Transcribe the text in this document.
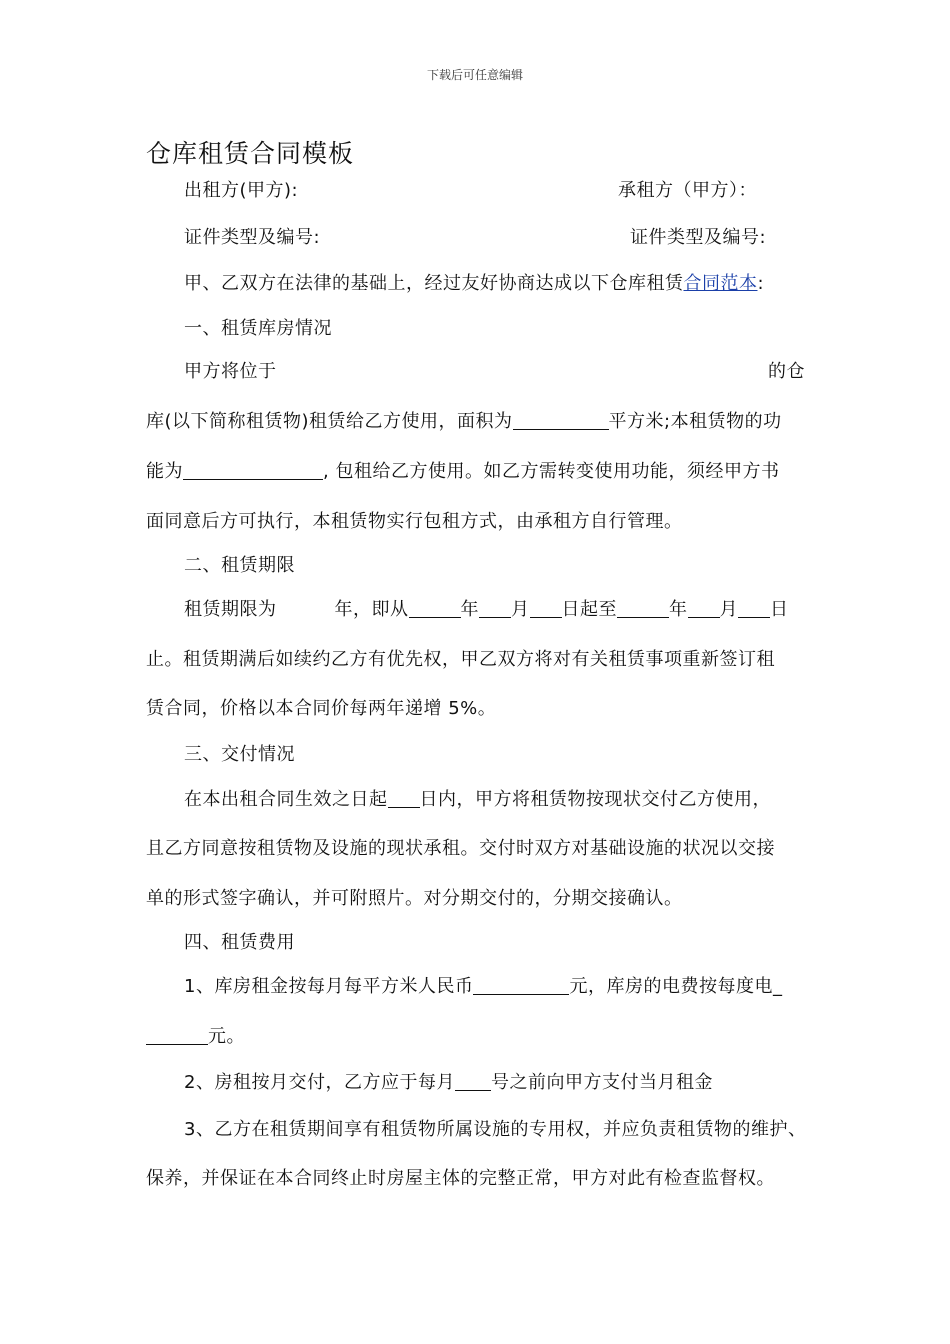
下载后可任意编辑
仓库租赁合同模板
出租方(甲方):	承租方（甲方）：
证件类型及编号:	证件类型及编号:
甲、乙双方在法律的基础上，经过友好协商达成以下仓库租赁合同范本:
一、租赁库房情况
甲方将位于	的仓
库(以下简称租赁物)租赁给乙方使用，面积为	平方米;本租赁物的功
能为	, 包租给乙方使用。如乙方需转变使用功能，须经甲方书
面同意后方可执行，本租赁物实行包租方式，由承租方自行管理。
二、租赁期限
租赁期限为	年，即从	年 月 日起至	年 月 日
止。租赁期满后如续约乙方有优先权，甲乙双方将对有关租赁事项重新签订租
赁合同，价格以本合同价每两年递增 5%。
三、交付情况
在本出租合同生效之日起 日内，甲方将租赁物按现状交付乙方使用，
且乙方同意按租赁物及设施的现状承租。交付时双方对基础设施的状况以交接
单的形式签字确认，并可附照片。对分期交付的，分期交接确认。
四、租赁费用
1、库房租金按每月每平方米人民币	元，库房的电费按每度电_
元。
2、房租按月交付，乙方应于每月 号之前向甲方支付当月租金
3、乙方在租赁期间享有租赁物所属设施的专用权，并应负责租赁物的维护、
保养，并保证在本合同终止时房屋主体的完整正常，甲方对此有检查监督权。
